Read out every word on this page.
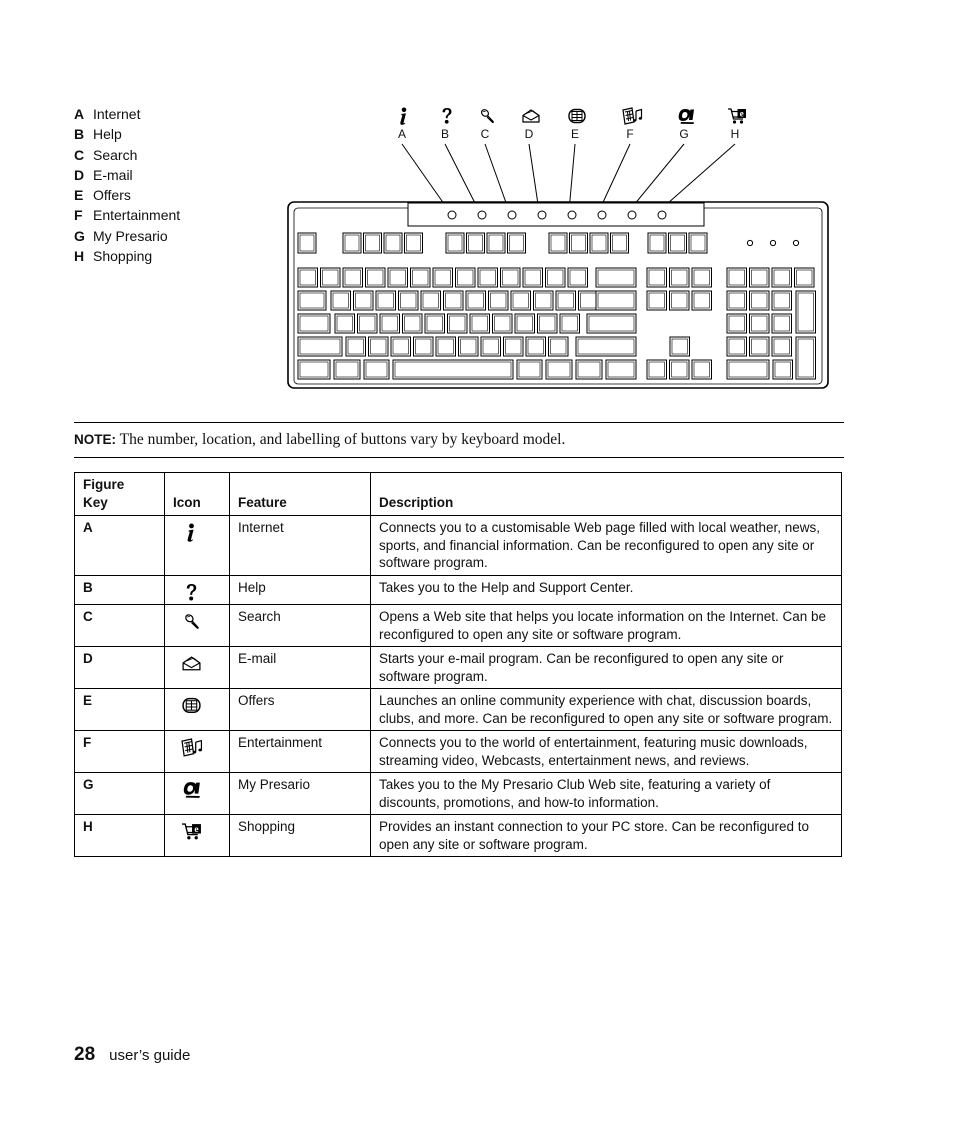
A Internet
B Help
C Search
D E-mail
E Offers
F Entertainment
G My Presario
H Shopping
e
A	B	C	D	E	F	G	H
NOTE: The number, location, and labelling of buttons vary by keyboard model.
Figure
Key	Icon	Feature	Description
A		Internet	Connects you to a customisable Web page filled with local weather, news, sports, and financial information. Can be reconfigured to open any site or software program.
B		Help	Takes you to the Help and Support Center.
C		Search	Opens a Web site that helps you locate information on the Internet. Can be reconfigured to open any site or software program.
D		E-mail	Starts your e-mail program. Can be reconfigured to open any site or software program.
E		Offers	Launches an online community experience with chat, discussion boards, clubs, and more. Can be reconfigured to open any site or software program.
F		Entertainment	Connects you to the world of entertainment, featuring music downloads, streaming video, Webcasts, entertainment news, and reviews.
G		My Presario	Takes you to the My Presario Club Web site, featuring a variety of discounts, promotions, and how-to information.
H	e	Shopping	Provides an instant connection to your PC store. Can be reconfigured to open any site or software program.
28 user’s guide
